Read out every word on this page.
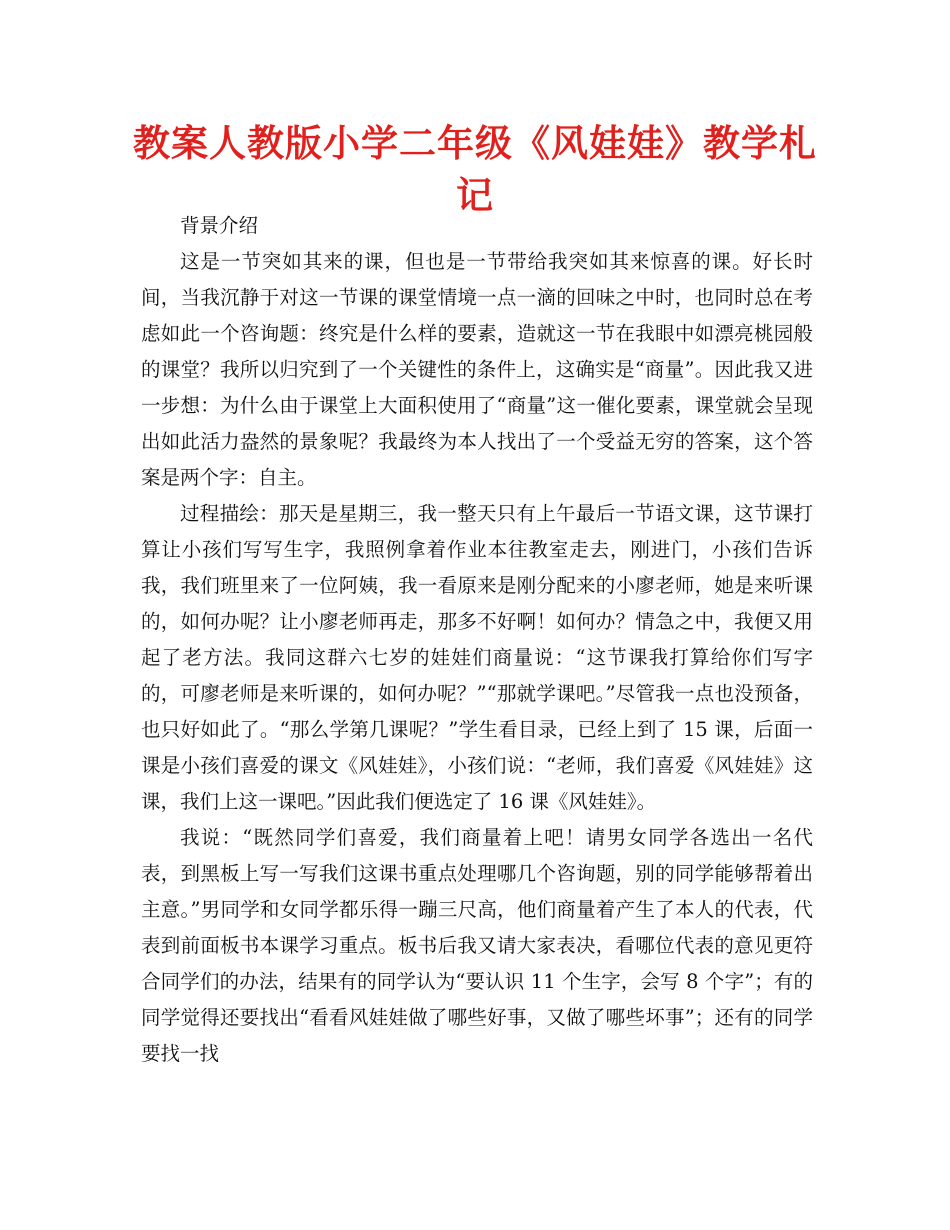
教案人教版小学二年级《风娃娃》教学札记

背景介绍

这是一节突如其来的课，但也是一节带给我突如其来惊喜的课。好长时间，当我沉静于对这一节课的课堂情境一点一滴的回味之中时，也同时总在考虑如此一个咨询题：终究是什么样的要素，造就这一节在我眼中如漂亮桃园般的课堂？我所以归究到了一个关键性的条件上，这确实是“商量”。因此我又进一步想：为什么由于课堂上大面积使用了“商量”这一催化要素，课堂就会呈现出如此活力盎然的景象呢？我最终为本人找出了一个受益无穷的答案，这个答案是两个字：自主。

过程描绘：那天是星期三，我一整天只有上午最后一节语文课，这节课打算让小孩们写写生字，我照例拿着作业本往教室走去，刚进门，小孩们告诉我，我们班里来了一位阿姨，我一看原来是刚分配来的小廖老师，她是来听课的，如何办呢？让小廖老师再走，那多不好啊！如何办？情急之中，我便又用起了老方法。我同这群六七岁的娃娃们商量说：“这节课我打算给你们写字的，可廖老师是来听课的，如何办呢？”“那就学课吧。”尽管我一点也没预备，也只好如此了。“那么学第几课呢？”学生看目录，已经上到了 15 课，后面一课是小孩们喜爱的课文《风娃娃》，小孩们说：“老师，我们喜爱《风娃娃》这课，我们上这一课吧。”因此我们便选定了 16 课《风娃娃》。

我说：“既然同学们喜爱，我们商量着上吧！请男女同学各选出一名代表，到黑板上写一写我们这课书重点处理哪几个咨询题，别的同学能够帮着出主意。”男同学和女同学都乐得一蹦三尺高，他们商量着产生了本人的代表，代表到前面板书本课学习重点。板书后我又请大家表决，看哪位代表的意见更符合同学们的办法，结果有的同学认为“要认识 11 个生字，会写 8 个字”；有的同学觉得还要找出“看看风娃娃做了哪些好事，又做了哪些坏事”；还有的同学要找一找
